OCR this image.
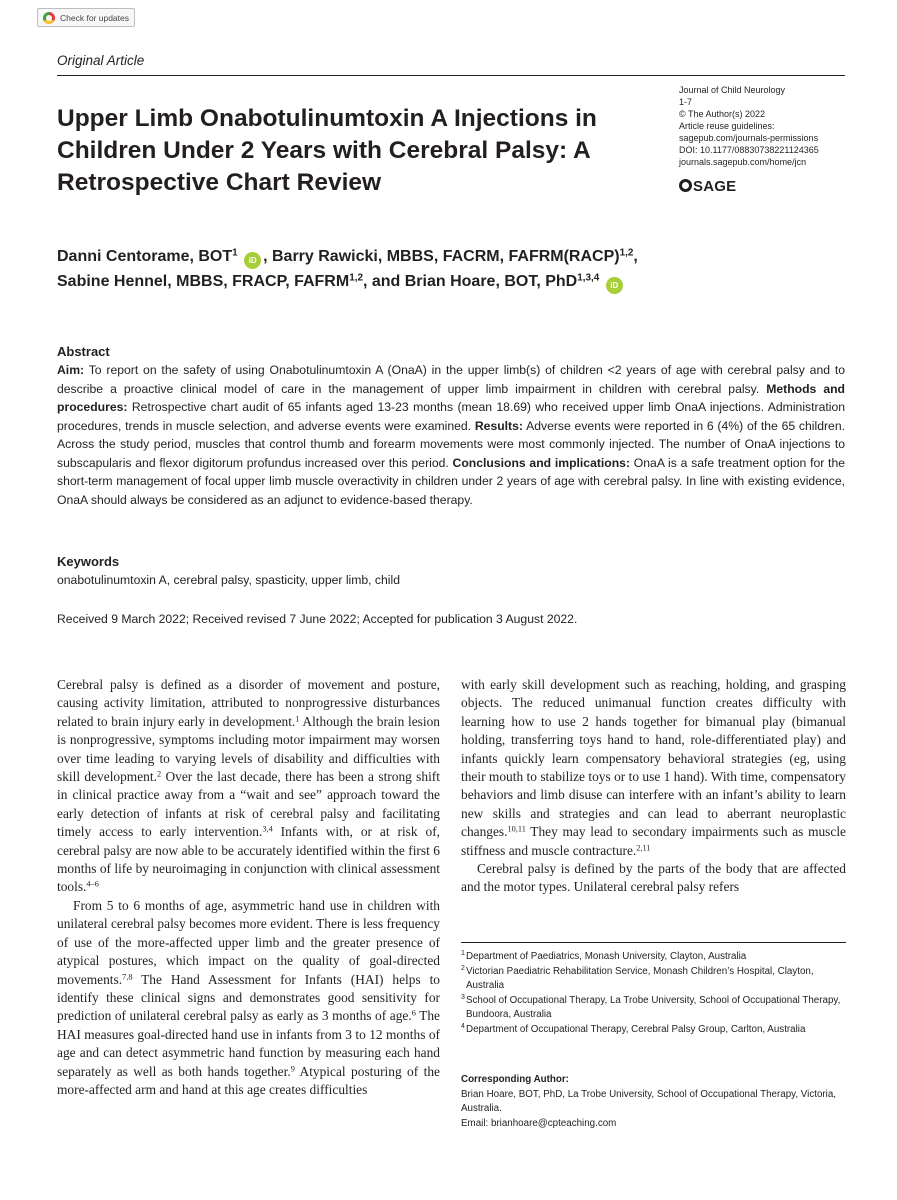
Check for updates
Original Article
Upper Limb Onabotulinumtoxin A Injections in Children Under 2 Years with Cerebral Palsy: A Retrospective Chart Review
Journal of Child Neurology
1-7
© The Author(s) 2022
Article reuse guidelines:
sagepub.com/journals-permissions
DOI: 10.1177/08830738221124365
journals.sagepub.com/home/jcn
SAGE
Danni Centorame, BOT$^1$ iD , Barry Rawicki, MBBS, FACRM, FAFRM(RACP)$^{1,2}$,
Sabine Hennel, MBBS, FRACP, FAFRM$^{1,2}$, and Brian Hoare, BOT, PhD$^{1,3,4}$ iD
Abstract

Aim: To report on the safety of using Onabotulinumtoxin A (OnaA) in the upper limb(s) of children <2 years of age with cerebral palsy and to describe a proactive clinical model of care in the management of upper limb impairment in children with cerebral palsy. Methods and procedures: Retrospective chart audit of 65 infants aged 13-23 months (mean 18.69) who received upper limb OnaA injections. Administration procedures, trends in muscle selection, and adverse events were examined. Results: Adverse events were reported in 6 (4%) of the 65 children. Across the study period, muscles that control thumb and forearm movements were most commonly injected. The number of OnaA injections to subscapularis and flexor digitorum profundus increased over this period. Conclusions and implications: OnaA is a safe treatment option for the short-term management of focal upper limb muscle overactivity in children under 2 years of age with cerebral palsy. In line with existing evidence, OnaA should always be considered as an adjunct to evidence-based therapy.

Keywords

onabotulinumtoxin A, cerebral palsy, spasticity, upper limb, child

Received 9 March 2022; Received revised 7 June 2022; Accepted for publication 3 August 2022.

Cerebral palsy is defined as a disorder of movement and posture, causing activity limitation, attributed to nonprogressive disturbances related to brain injury early in development.$^1$ Although the brain lesion is nonprogressive, symptoms including motor impairment may worsen over time leading to varying levels of disability and difficulties with skill development.$^2$ Over the last decade, there has been a strong shift in clinical practice away from a “wait and see” approach toward the early detection of infants at risk of cerebral palsy and facilitating timely access to early intervention.$^{3,4}$ Infants with, or at risk of, cerebral palsy are now able to be accurately identified within the first 6 months of life by neuroimaging in conjunction with clinical assessment tools.$^{4-6}$

From 5 to 6 months of age, asymmetric hand use in children with unilateral cerebral palsy becomes more evident. There is less frequency of use of the more-affected upper limb and the greater presence of atypical postures, which impact on the quality of goal-directed movements.$^{7,8}$ The Hand Assessment for Infants (HAI) helps to identify these clinical signs and demonstrates good sensitivity for prediction of unilateral cerebral palsy as early as 3 months of age.$^6$ The HAI measures goal-directed hand use in infants from 3 to 12 months of age and can detect asymmetric hand function by measuring each hand separately as well as both hands together.$^9$ Atypical posturing of the more-affected arm and hand at this age creates difficulties

with early skill development such as reaching, holding, and grasping objects. The reduced unimanual function creates difficulty with learning how to use 2 hands together for bimanual play (bimanual holding, transferring toys hand to hand, role-differentiated play) and infants quickly learn compensatory behavioral strategies (eg, using their mouth to stabilize toys or to use 1 hand). With time, compensatory behaviors and limb disuse can interfere with an infant’s ability to learn new skills and strategies and can lead to aberrant neuroplastic changes.$^{10,11}$ They may lead to secondary impairments such as muscle stiffness and muscle contracture.$^{2,11}$

Cerebral palsy is defined by the parts of the body that are affected and the motor types. Unilateral cerebral palsy refers

1 Department of Paediatrics, Monash University, Clayton, Australia
2 Victorian Paediatric Rehabilitation Service, Monash Children’s Hospital, Clayton, Australia
3 School of Occupational Therapy, La Trobe University, School of Occupational Therapy, Bundoora, Australia
4 Department of Occupational Therapy, Cerebral Palsy Group, Carlton, Australia
Corresponding Author:
Brian Hoare, BOT, PhD, La Trobe University, School of Occupational Therapy, Victoria, Australia.
Email: brianhoare@cpteaching.com
